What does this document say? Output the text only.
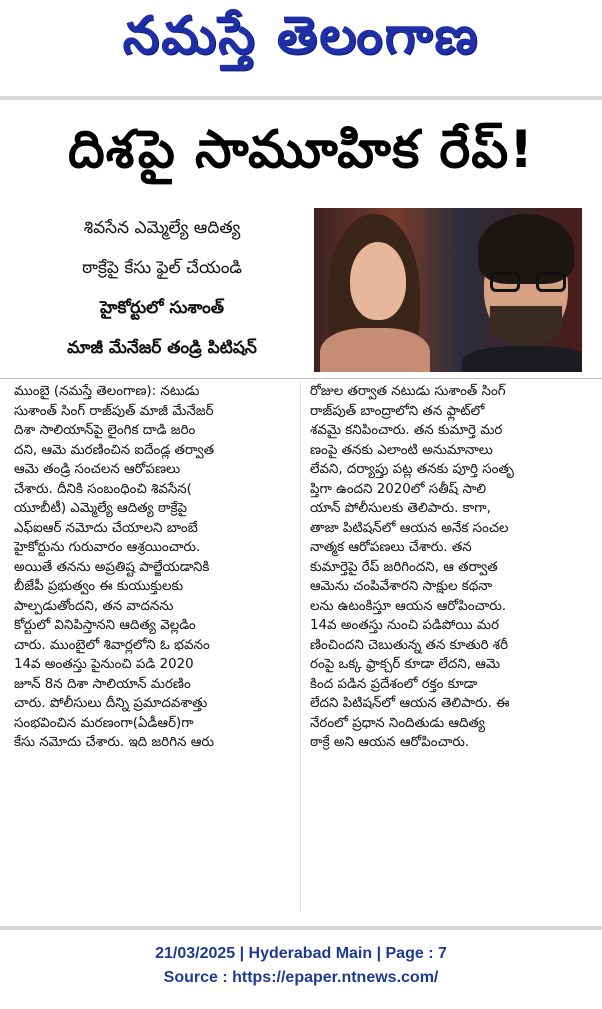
నమస్తే తెలంగాణ
దిశపై సామూహిక రేప్!
శివసేన ఎమ్మెల్యే ఆదిత్య
ఠాక్రేపై కేసు ఫైల్ చేయండి
హైకోర్టులో సుశాంత్
మాజీ మేనేజర్ తండ్రి పిటిషన్
ముంబై (నమస్తే తెలంగాణ): నటుడు
సుశాంత్ సింగ్ రాజ్‌పుత్ మాజీ మేనేజర్
దిశా సాలియాన్‌పై లైంగిక దాడి జరిం
దని, ఆమె మరణించిన ఐదేండ్ల తర్వాత
ఆమె తండ్రి సంచలన ఆరోపణలు
చేశారు. దీనికి సంబంధించి శివసేన(
యూబీటీ) ఎమ్మెల్యే ఆదిత్య ఠాక్రేపై
ఎఫ్ఐఆర్ నమోదు చేయాలని బాంబే
హైకోర్టును గురువారం ఆశ్రయించారు.
అయితే తనను అప్రతిష్ట పాల్జేయడానికి
బీజేపీ ప్రభుత్వం ఈ కుయుక్తులకు
పాల్పడుతోందని, తన వాదనను
కోర్టులో వినిపిస్తానని ఆదిత్య వెల్లడిం
చారు. ముంబైలో శివార్లలోని ఓ భవనం
14వ అంతస్తు పైనుంచి పడి 2020
జూన్ 8న దిశా సాలియాన్ మరణిం
చారు. పోలీసులు దీన్ని ప్రమాదవశాత్తు
సంభవించిన మరణంగా(ఏడీఆర్)గా
కేసు నమోదు చేశారు. ఇది జరిగిన ఆరు
రోజుల తర్వాత నటుడు సుశాంత్ సింగ్
రాజ్‌పుత్ బాంద్రాలోని తన ఫ్లాట్‌లో
శవమై కనిపించారు. తన కుమార్తె మర
ణంపై తనకు ఎలాంటి అనుమానాలు
లేవని, దర్యాప్తు పట్ల తనకు పూర్తి సంతృ
ప్తిగా ఉందని 2020లో సతీష్ సాలి
యాన్ పోలీసులకు తెలిపారు. కాగా,
తాజా పిటిషన్‌లో ఆయన అనేక సంచల
నాత్మక ఆరోపణలు చేశారు. తన
కుమార్తెపై రేప్ జరిగిందని, ఆ తర్వాత
ఆమెను చంపివేశారని సాక్షుల కథనా
లను ఉటంకిస్తూ ఆయన ఆరోపించారు.
14వ అంతస్తు నుంచి పడిపోయి మర
ణించిందని చెబుతున్న తన కూతురి శరీ
రంపై ఒక్క ఫ్రాక్చర్ కూడా లేదని, ఆమె
కింద పడిన ప్రదేశంలో రక్తం కూడా
లేదని పిటిషన్‌లో ఆయన తెలిపారు. ఈ
నేరంలో ప్రధాన నిందితుడు ఆదిత్య
ఠాక్రే అని ఆయన ఆరోపించారు.
21/03/2025 | Hyderabad Main | Page : 7
Source : https://epaper.ntnews.com/
